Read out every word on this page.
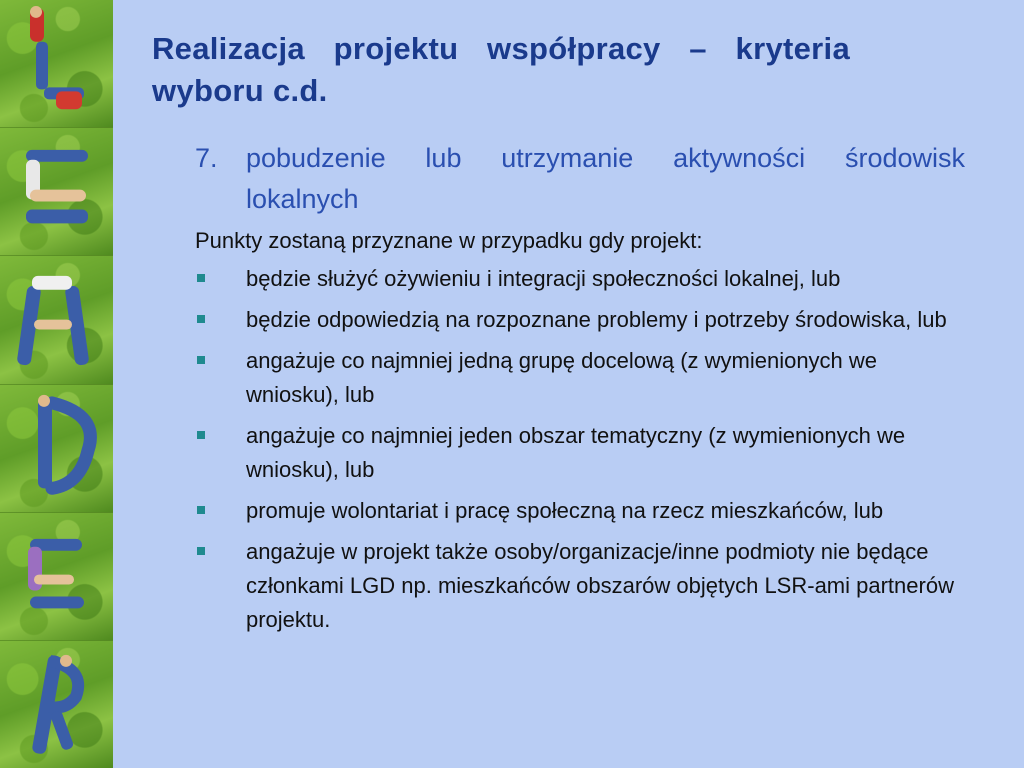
Realizacja projektu współpracy – kryteria wyboru c.d.
7.	pobudzenie lub utrzymanie aktywności środowisk lokalnych

Punkty zostaną przyznane w przypadku gdy projekt:

będzie służyć ożywieniu i integracji społeczności lokalnej, lub
będzie odpowiedzią na rozpoznane problemy i potrzeby środowiska, lub
angażuje co najmniej jedną grupę docelową (z wymienionych we wniosku), lub
angażuje co najmniej jeden obszar tematyczny (z wymienionych we wniosku), lub
promuje wolontariat i pracę społeczną na rzecz mieszkańców, lub
angażuje w projekt także osoby/organizacje/inne podmioty nie będące członkami LGD np. mieszkańców obszarów objętych LSR-ami partnerów projektu.
